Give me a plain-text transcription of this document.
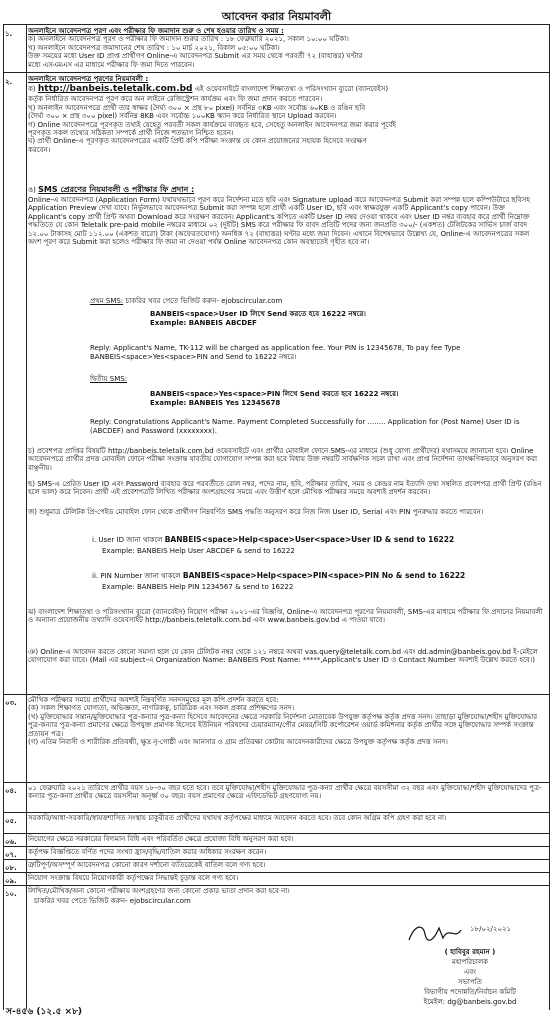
আবেদন করার নিয়মাবলী
১.	অনলাইনে আবেদনপত্র পূরণ এবং পরীক্ষার ফি জমাদান শুরু ও শেষ হওয়ার তারিখ ও সময় :

ক) অনলাইনে আবেদনপত্র পূরণ ও পরীক্ষার ফি জমাদান শুরুর তারিখ : ১৮ ফেব্রুয়ারি ২০২১, সকাল ১০:০০ ঘটিকা।

খ) অনলাইনে আবেদনপত্র জমাদানের শেষ তারিখ : ১০ মার্চ ২০২১, বিকাল ০৫:০০ ঘটিকা।

উক্ত সময়ের মধ্যে User ID প্রাপ্ত প্রার্থীগণ Online-এ আবেদনপত্র Submit এর সময় থেকে পরবর্তী ৭২ (বাহাত্তর) ঘণ্টার

মধ্যে এসএমএস এর মাধ্যমে পরীক্ষার ফি জমা দিতে পারবেন।

২.	অনলাইনে আবেদনপত্র পূরণের নিয়মাবলী :

ক) http://banbeis.teletalk.com.bd এই ওয়েবসাইটে বাংলাদেশ শিক্ষাতথ্য ও পরিসংখ্যান ব্যুরো (ব্যানবেইস)

কর্তৃক নির্ধারিত আবেদনপত্র পূরণ করে অন লাইনে রেজিস্ট্রেশন কার্যক্রম এবং ফি জমা প্রদান করতে পারবেন।

খ) অনলাইন আবেদনপত্রে প্রার্থী তার স্বাক্ষর (দৈর্ঘ্য ৩০০ × প্রস্থ ৮০ pixel) সর্বনিম্ন ৩KB এবং সর্বোচ্চ ৬০KB ও রঙিন ছবি

(দৈর্ঘ্য ৩০০ × প্রস্থ ৩০০ pixel) সর্বনিম্ন 8KB এবং সর্বোচ্চ ১০০KB স্ক্যান করে নির্ধারিত স্থানে Upload করবেন।

গ) Online আবেদনপত্রে পূরণকৃত তথ্যই যেহেতু পরবর্তী সকল কার্যক্রমে ব্যবহৃত হবে, সেহেতু অনলাইন আবেদনপত্র জমা করার পূর্বেই

পূরণকৃত সকল তথ্যের সঠিকতা সম্পর্কে প্রার্থী নিজে শতভাগ নিশ্চিত হবেন।

ঘ) প্রার্থী Online-এ পূরণকৃত আবেদনপত্রের একটি প্রিন্ট কপি পরীক্ষা সংক্রান্ত যে কোন প্রয়োজনের সহায়ক হিসেবে সংরক্ষণ

করবেন।

ঙ) SMS প্রেরণের নিয়মাবলী ও পরীক্ষার ফি প্রদান :

Online-এ আবেদনপত্র (Application Form) যথাযথভাবে পূরণ করে নির্দেশনা মতে ছবি এবং Signature upload করে আবেদনপত্র Submit করা সম্পন্ন হলে কম্পিউটারে ছবিসহ Application Preview দেখা যাবে। নির্ভুলভাবে আবেদনপত্র Submit করা সম্পন্ন হলে প্রার্থী একটি User ID, ছবি এবং স্বাক্ষরযুক্ত একটি Applicant's copy পাবেন। উক্ত Applicant's copy প্রার্থী প্রিন্ট অথবা Download করে সংরক্ষণ করবেন। Applicant's কপিতে একটি User ID নম্বর দেওয়া থাকবে এবং User ID নম্বর ব্যবহার করে প্রার্থী নিম্নোক্ত পদ্ধতিতে যে কোন Teletalk pre-paid mobile নম্বরের মাধ্যমে ০২ (দুইটি) SMS করে পরীক্ষার ফি বাবদ প্রতিটি পদের জন্য জনপ্রতি ৩০০/- (একশত) টেলিটকের সার্ভিস চার্জ বাবদ ১২.০০ টাকাসহ মোট ১১২.০০ (একশত বারো) টাকা (অফেরতযোগ্য) অনধিক ৭২ (বাহাত্তর) ঘণ্টার মধ্যে জমা দিবেন। এখানে বিশেষভাবে উল্লেখ্য যে, Online-এ আবেদনপত্রের সকল অংশ পূরণ করে Submit করা হলেও পরীক্ষার ফি জমা না দেওয়া পর্যন্ত Online আবেদনপত্র কোন অবস্থাতেই গৃহীত হবে না।

প্রথম SMS: চাকরির খবর পেতে ভিজিট করুন- ejobscircular.com

BANBEIS<space>User ID লিখে Send করতে হবে 16222 নম্বরে।

Example: BANBEIS ABCDEF

Reply: Applicant's Name, TK-112 will be charged as application fee. Your PIN is 12345678, To pay fee Type BANBEIS<space>Yes<space>PIN and Send to 16222 নম্বরে।

দ্বিতীয় SMS:

BANBEIS<space>Yes<space>PIN লিখে Send করতে হবে 16222 নম্বরে।

Example: BANBEIS Yes 12345678

Reply: Congratulations Applicant's Name. Payment Completed Successfully for ........ Application for (Post Name) User ID is (ABCDEF) and Password (xxxxxxxx).

চ) প্রবেশপত্র প্রাপ্তির বিষয়টি http://banbeis.teletalk.com.bd ওয়েবসাইটে এবং প্রার্থীর মোবাইল ফোনে SMS-এর মাধ্যমে (শুধু যোগ্য প্রার্থীদের) যথাসময়ে জানানো হবে। Online আবেদনপত্রে প্রার্থীর প্রদত্ত মোবাইল ফোনে পরীক্ষা সংক্রান্ত যাবতীয় যোগাযোগ সম্পন্ন করা হবে বিধায় উক্ত নম্বরটি সার্বক্ষণিক সচল রাখা এবং প্রাপ্ত নির্দেশনা তাৎক্ষণিকভাবে অনুসরণ করা বাঞ্ছনীয়।

ছ) SMS-এ প্রেরিত User ID এবং Password ব্যবহার করে পরবর্তীতে রোল নম্বর, পদের নাম, ছবি, পরীক্ষার তারিখ, সময় ও কেন্দ্রর নাম ইত্যাদি তথ্য সম্বলিত প্রবেশপত্র প্রার্থী প্রিন্ট (রঙিন হলে ভাল) করে নিবেন। প্রার্থী এই প্রবেশপত্রটি লিখিত পরীক্ষার অংশগ্রহণের সময়ে এবং উত্তীর্ণ হলে মৌখিক পরীক্ষার সময়ে অবশ্যই প্রদর্শন করবেন।

জ) শুধুমাত্র টেলিটক প্রি-পেইড মোবাইল ফোন থেকে প্রার্থীগণ নিম্নবর্ণিত SMS পদ্ধতি অনুসরণ করে নিজ নিজ User ID, Serial এবং PIN পুনরুদ্ধার করতে পারবেন।

i. User ID জানা থাকলে BANBEIS<space>Help<space>User<space>User ID & send to 16222

Example: BANBEIS Help User ABCDEF & send to 16222

ii. PIN Number জানা থাকলে BANBEIS<space>Help<space>PIN<space>PIN No & send to 16222

Example: BANBEIS Help PIN 1234567 & send to 16222

ঝ) বাংলাদেশ শিক্ষাতথ্য ও পরিসংখ্যান ব্যুরো (ব্যানবেইস) নিয়োগ পরীক্ষা ২০২১-এর বিজ্ঞপ্তি, Online-এ আবেদনপত্র পূরণের নিয়মাবলী, SMS-এর মাধ্যমে পরীক্ষার ফি প্রদানের নিয়মাবলী ও অন্যান্য প্রয়োজনীয় তথ্যাদি ওয়েবসাইট http://banbeis.teletalk.com.bd এবং www.banbeis.gov.bd এ পাওয়া যাবে।

ঞ) Online-এ আবেদন করতে কোনো সমস্যা হলে যে কোন টেলিটক নম্বর থেকে ১২১ নম্বরে অথবা vas.query@teletalk.com.bd এবং dd.admin@banbeis.gov.bd ই-মেইলে যোগাযোগ করা যাবে। (Mail এর subject-এ Organization Name: BANBEIS Post Name: *****,Applicant's User ID ও Contact Number অবশ্যই উল্লেখ করতে হবে।)

০৩.	মৌখিক পরীক্ষার সময়ে প্রার্থীদের অবশ্যই নিম্নবর্ণিত সনদসমূহের মূল কপি প্রদর্শন করতে হবে:

(ক) সকল শিক্ষাগত যোগ্যতা, অভিজ্ঞতা, নাগরিকত্ব, চারিত্রিক এবং সকল প্রকার প্রশিক্ষণের সনদ।

(খ) মুক্তিযোদ্ধার সন্তান/মুক্তিযোদ্ধার পুত্র-কন্যার পুত্র-কন্যা হিসেবে আবেদনের ক্ষেত্রে সরকারি নির্দেশনা মোতাবেক উপযুক্ত কর্তৃপক্ষ কর্তৃক প্রদত্ত সনদ। তাছাড়া মুক্তিযোদ্ধা/শহীদ মুক্তিযোদ্ধার পুত্র-কন্যার পুত্র-কন্যা প্রমাণের ক্ষেত্রে উপযুক্ত প্রমাণক হিসেবে ইউনিয়ন পরিষদের চেয়ারম্যান/পৌর মেয়র/সিটি কর্পোরেশন ওয়ার্ড কমিশনার কর্তৃক প্রার্থীর সঙ্গে মুক্তিযোদ্ধার সম্পর্ক সংক্রান্ত প্রত্যয়ন পত্র।

(গ) এতিম নিবাসী ও শারীরিক প্রতিবন্ধী, ক্ষুদ্র নৃ-গোষ্ঠী এবং আনসার ও গ্রাম প্রতিরক্ষা কোটায় আবেদনকারীদের ক্ষেত্রে উপযুক্ত কর্তৃপক্ষ কর্তৃক প্রদত্ত সনদ।

০৪.	০১ ফেব্রুয়ারি ২০২১ তারিখে প্রার্থীর বয়স ১৮-৩০ বছর হতে হবে। তবে মুক্তিযোদ্ধা/শহীদ মুক্তিযোদ্ধার পুত্র-কন্যা প্রার্থীর ক্ষেত্রে বয়সসীমা ৩২ বছর এবং মুক্তিযোদ্ধা/শহীদ মুক্তিযোদ্ধাদের পুত্র-কন্যার পুত্র-কন্যা প্রার্থীর ক্ষেত্রে বয়সসীমা অনূর্ধ্ব ৩০ বছর। বয়স প্রমাণের ক্ষেত্রে এফিডেভিট গ্রহণযোগ্য নয়।

০৫.	সরকারি/আধা-সরকারি/স্বায়ত্তশাসিত সংস্থায় চাকুরীরত প্রার্থীদের যথাযথ কর্তৃপক্ষের মাধ্যমে আবেদন করতে হবে। তবে কোন অগ্রিম কপি গ্রহণ করা হবে না।

০৬.	নিয়োগের ক্ষেত্রে সরকারের বিদ্যমান বিধি এবং পরিবর্তিত ক্ষেত্রে প্রযোজ্য বিধি অনুসরণ করা হবে।

০৭.	কর্তৃপক্ষ বিজ্ঞপ্তিতে বর্ণিত পদের সংখ্যা হ্রাস/বৃদ্ধি/বাতিল করার অধিকার সংরক্ষণ করেন।

০৮.	ত্রুটিপূর্ণ/অসম্পূর্ণ আবেদনপত্র কোনো কারণ দর্শানো ব্যতিরেকেই বাতিল বলে গণ্য হবে।

০৯.	নিয়োগ সংক্রান্ত বিষয়ে নিয়োগকারী কর্তৃপক্ষের সিদ্ধান্তই চূড়ান্ত বলে গণ্য হবে।

১০.	লিখিত/মৌখিক/অন্য কোনো পরীক্ষায় অংশগ্রহণের জন্য কোনো প্রকার ভাতা প্রদান করা হবে না।

চাকরির খবর পেতে ভিজিট করুন- ejobscircular.com

১৮/০২/২০২১

( হাবিবুর রহমান )

মহাপরিচালক

এবং

সভাপতি

বিভাগীয় পদোন্নতি/নির্বাচন কমিটি

ইমেইল: dg@banbeis.gov.bd

স-৪৫৬ (১২.৫ ×৮)
